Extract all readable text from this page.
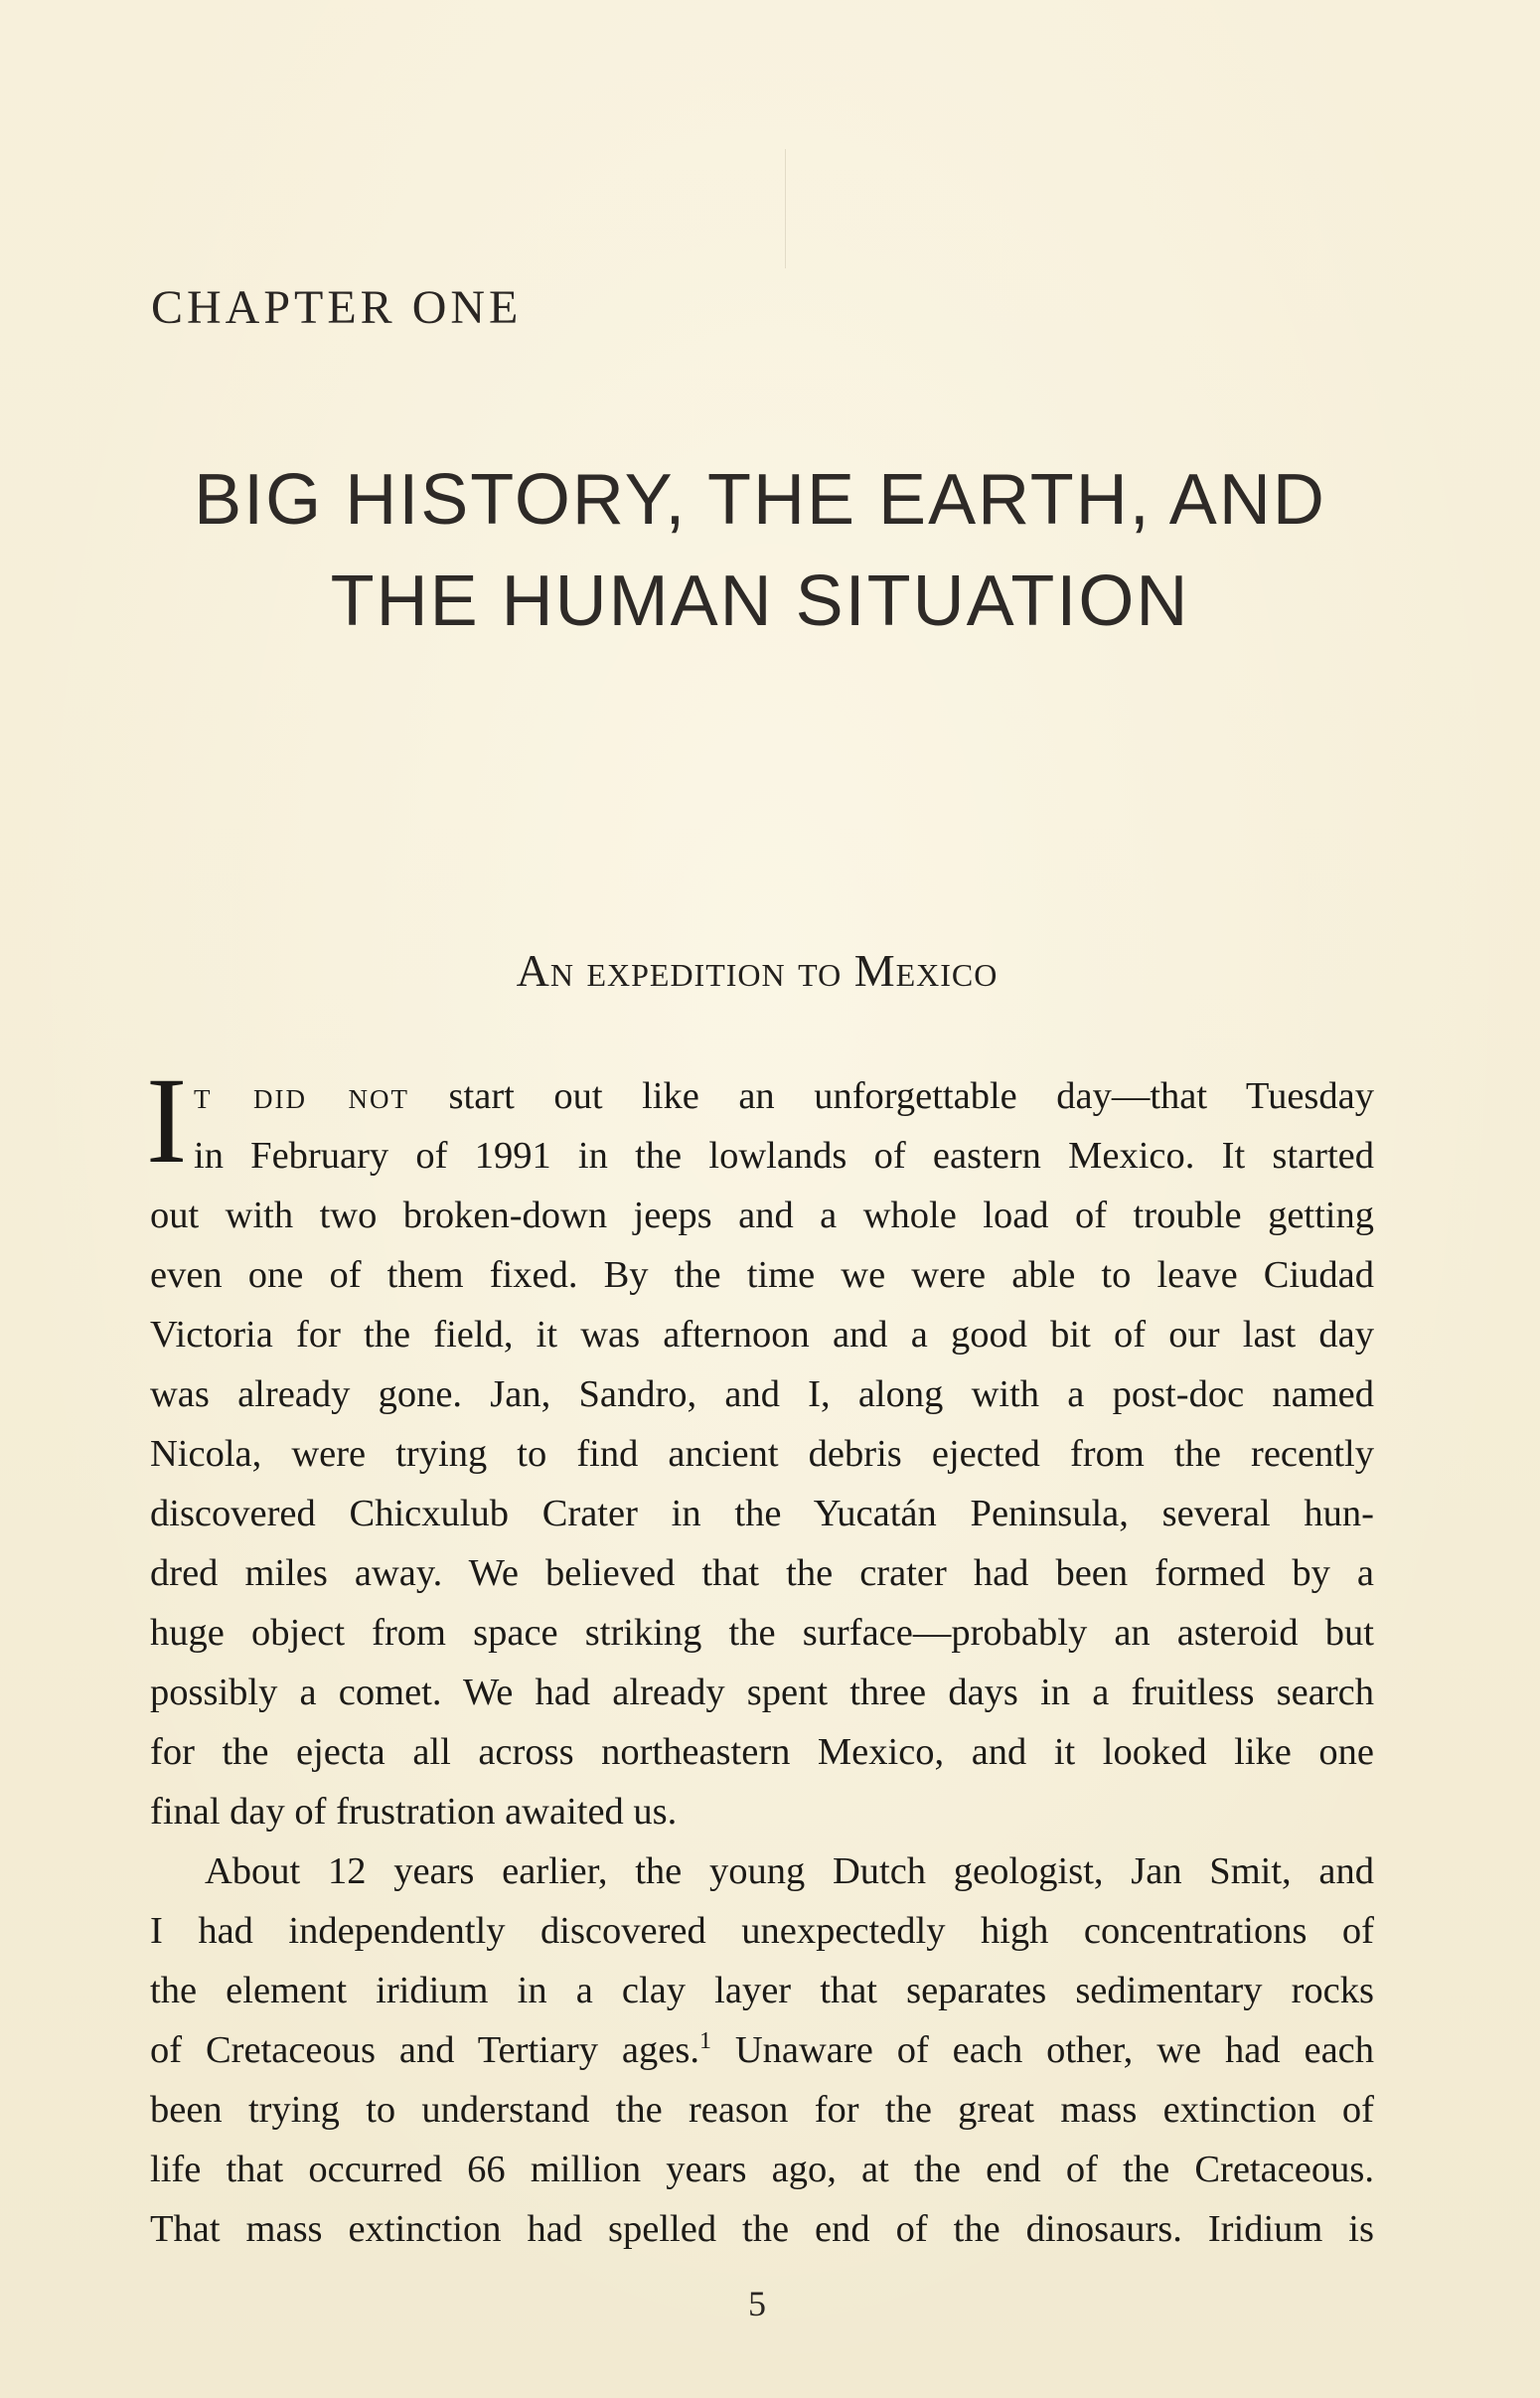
CHAPTER ONE
BIG HISTORY, THE EARTH, AND
THE HUMAN SITUATION
An expedition to Mexico

I t did not start out like an unforgettable day—that Tuesday
in February of 1991 in the lowlands of eastern Mexico. It started
out with two broken-down jeeps and a whole load of trouble getting
even one of them fixed. By the time we were able to leave Ciudad
Victoria for the field, it was afternoon and a good bit of our last day
was already gone. Jan, Sandro, and I, along with a post-doc named
Nicola, were trying to find ancient debris ejected from the recently
discovered Chicxulub Crater in the Yucatán Peninsula, several hun-
dred miles away. We believed that the crater had been formed by a
huge object from space striking the surface—probably an asteroid but
possibly a comet. We had already spent three days in a fruitless search
for the ejecta all across northeastern Mexico, and it looked like one
final day of frustration awaited us.

About 12 years earlier, the young Dutch geologist, Jan Smit, and
I had independently discovered unexpectedly high concentrations of
the element iridium in a clay layer that separates sedimentary rocks
of Cretaceous and Tertiary ages.$^1$ Unaware of each other, we had each
been trying to understand the reason for the great mass extinction of
life that occurred 66 million years ago, at the end of the Cretaceous.
That mass extinction had spelled the end of the dinosaurs. Iridium is

5
